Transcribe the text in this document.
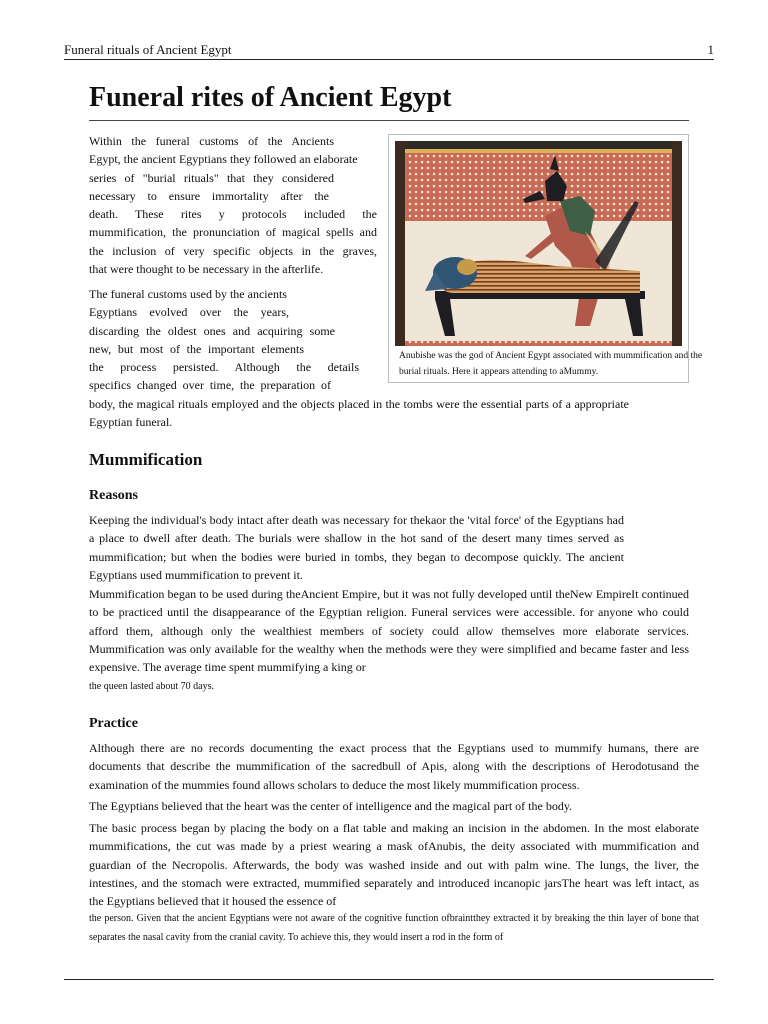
Funeral rituals of Ancient Egypt	1
Funeral rites of Ancient Egypt
Within the funeral customs of the Ancients
Egypt, the ancient Egyptians they followed an elaborate
series of "burial rituals" that they considered
necessary to ensure immortality after the
death. These rites y protocols included the
mummification, the pronunciation of magical spells and
the inclusion of very specific objects in the graves,
that were thought to be necessary in the afterlife.
The funeral customs used by the ancients
Egyptians evolved over the years,
discarding the oldest ones and acquiring some
new, but most of the important elements
the process persisted. Although the details
specifics changed over time, the preparation of

body, the magical rituals employed and the objects placed in the tombs were the essential parts of a appropriate Egyptian funeral.

Anubishe was the god of Ancient Egypt associated with mummification and the burial rituals. Here it appears attending to aMummy.

Mummification
Reasons

Keeping the individual's body intact after death was necessary for thekaor the 'vital force' of the Egyptians had a place to dwell after death. The burials were shallow in the hot sand of the desert many times served as mummification; but when the bodies were buried in tombs, they began to decompose quickly. The ancient Egyptians used mummification to prevent it.

Mummification began to be used during theAncient Empire, but it was not fully developed until theNew EmpireIt continued to be practiced until the disappearance of the Egyptian religion. Funeral services were accessible. for anyone who could afford them, although only the wealthiest members of society could allow themselves more elaborate services. Mummification was only available for the wealthy when the methods were they were simplified and became faster and less expensive. The average time spent mummifying a king or
the queen lasted about 70 days.
Practice

Although there are no records documenting the exact process that the Egyptians used to mummify humans, there are documents that describe the mummification of the sacredbull of Apis, along with the descriptions of Herodotusand the examination of the mummies found allows scholars to deduce the most likely mummification process.

The Egyptians believed that the heart was the center of intelligence and the magical part of the body.

The basic process began by placing the body on a flat table and making an incision in the abdomen. In the most elaborate mummifications, the cut was made by a priest wearing a mask ofAnubis, the deity associated with mummification and guardian of the Necropolis. Afterwards, the body was washed inside and out with palm wine. The lungs, the liver, the intestines, and the stomach were extracted, mummified separately and introduced incanopic jarsThe heart was left intact, as the Egyptians believed that it housed the essence of
the person. Given that the ancient Egyptians were not aware of the cognitive function ofbraintthey extracted it by breaking the thin layer of bone that separates the nasal cavity from the cranial cavity. To achieve this, they would insert a rod in the form of
